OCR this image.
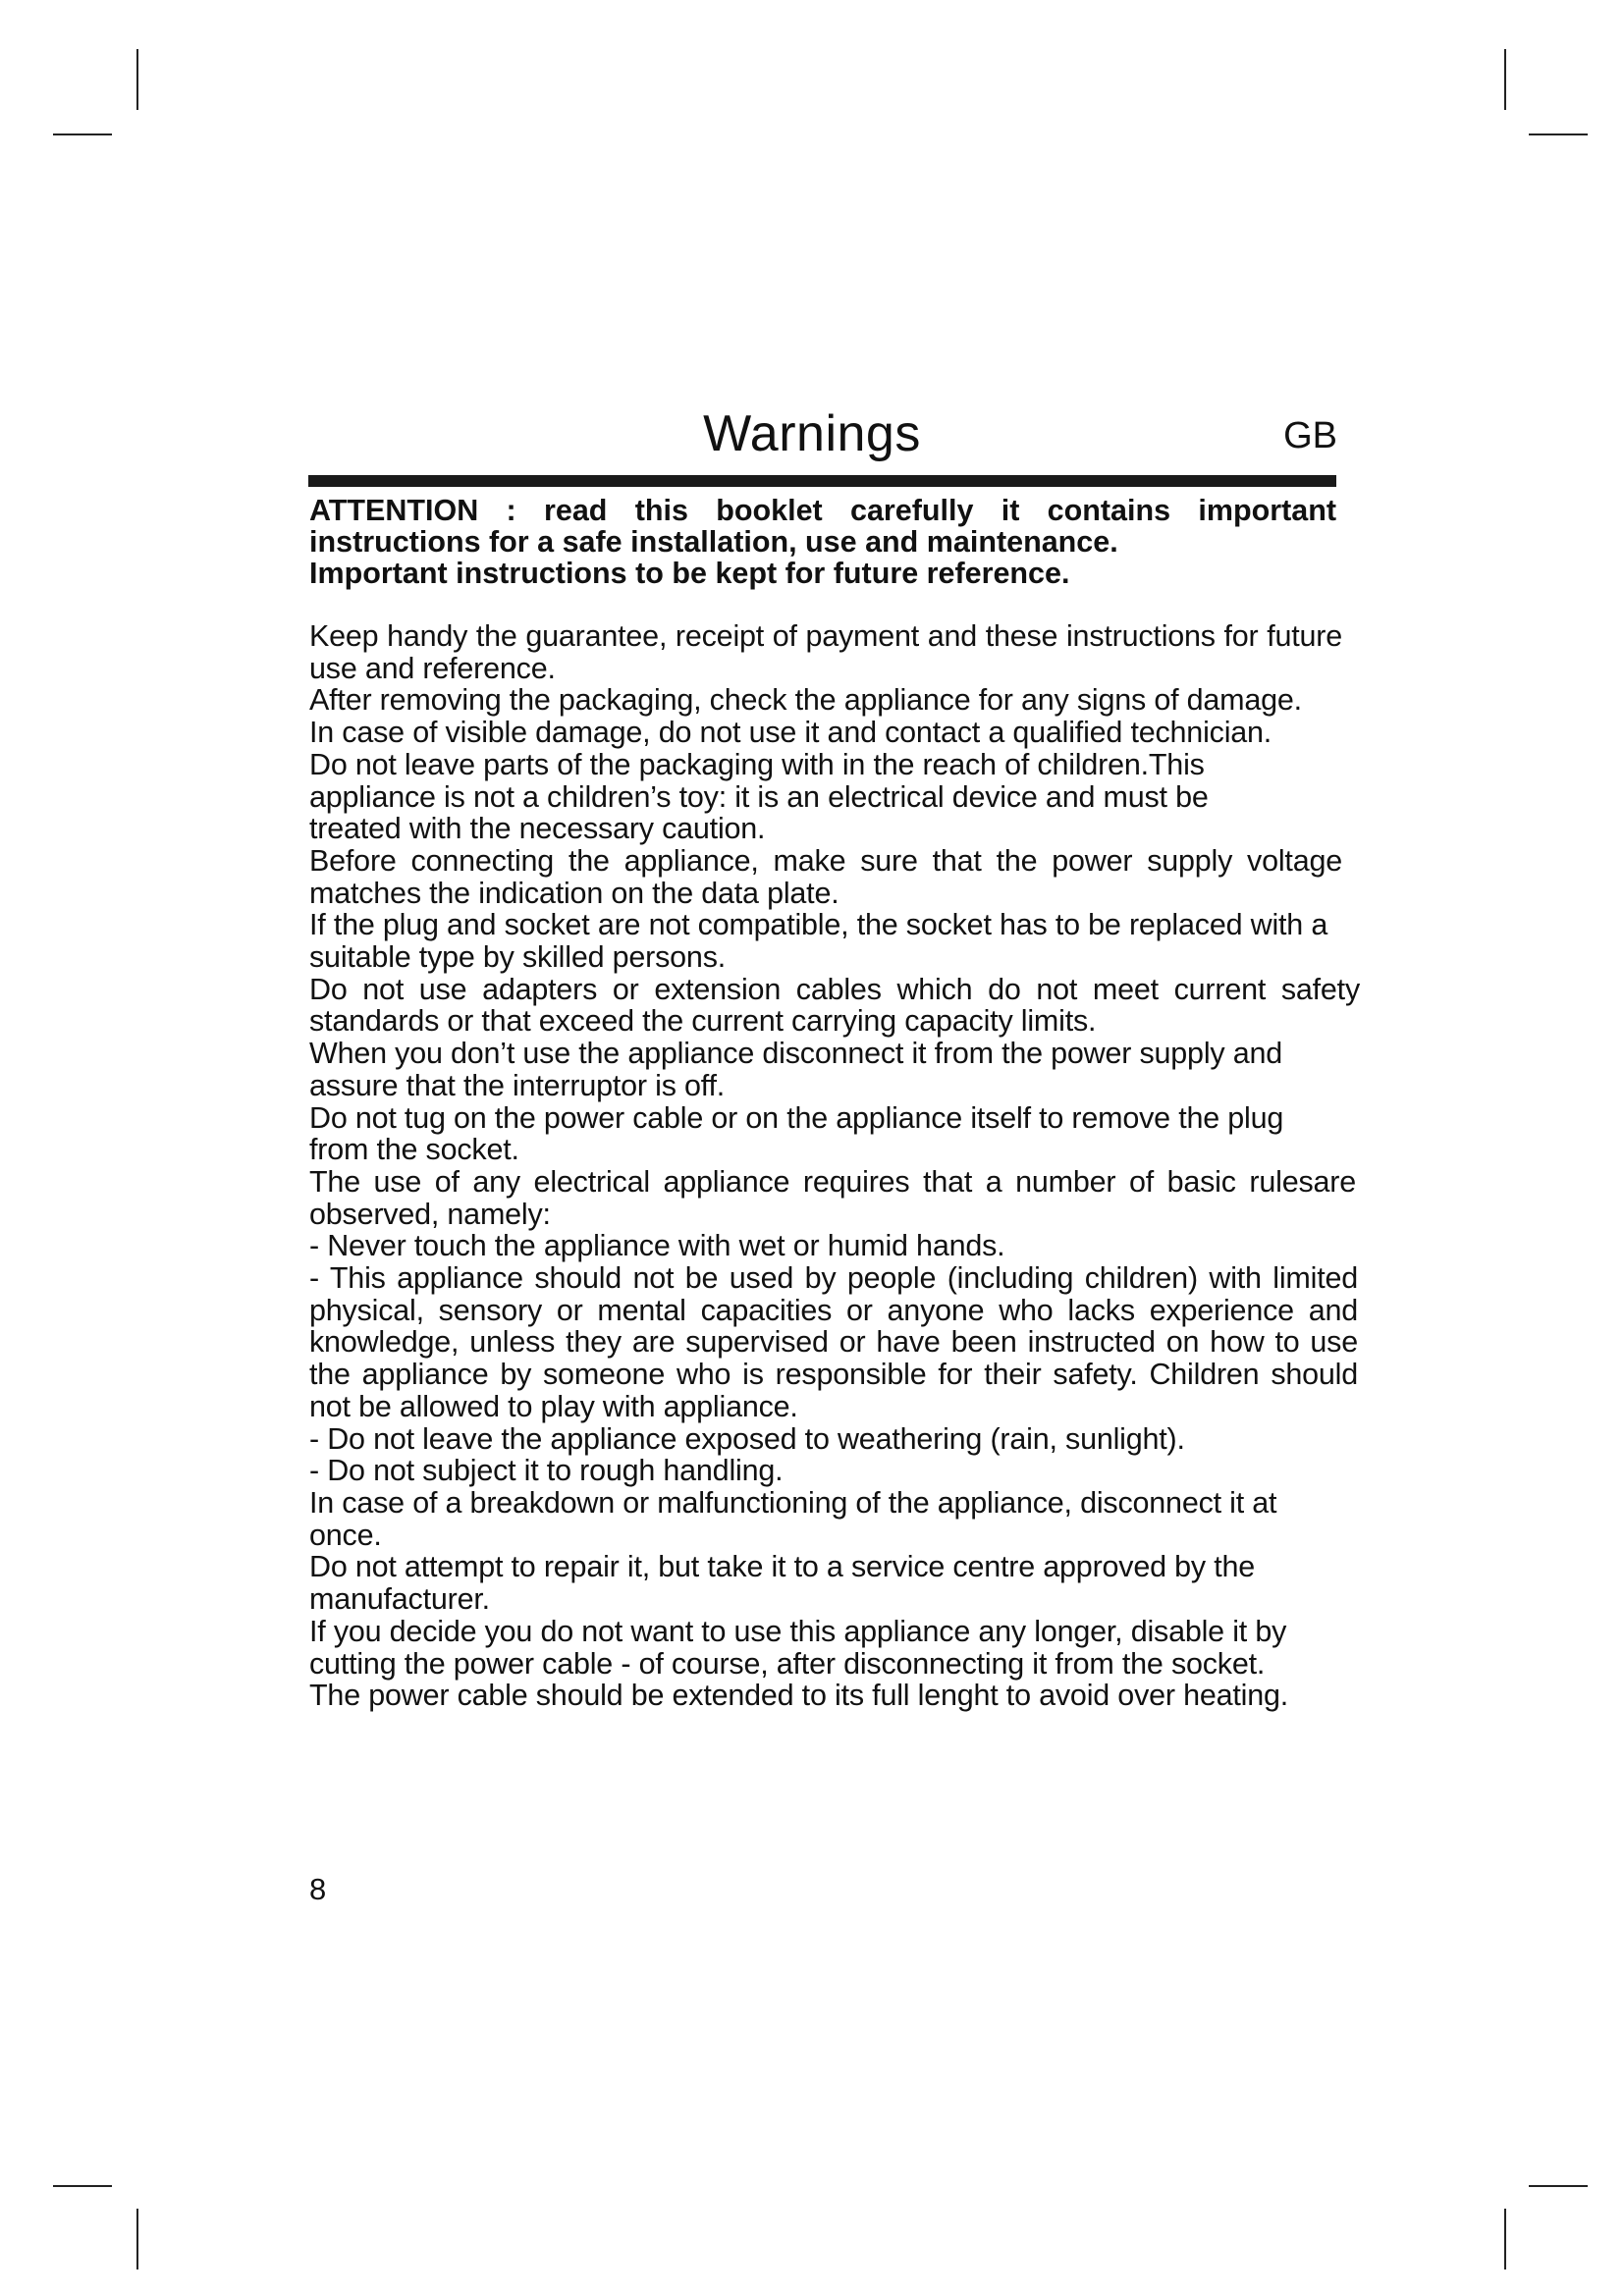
Warnings	GB

ATTENTION : read this booklet carefully it contains important

instructions for a safe installation, use and maintenance.

Important instructions to be kept for future reference.

Keep handy the guarantee, receipt of payment and these instructions for future use and reference.

After removing the packaging, check the appliance for any signs of damage.

In case of visible damage, do not use it and contact a qualified technician.

Do not leave parts of the packaging with in the reach of children.This appliance is not a children’s toy: it is an electrical device and must be treated with the necessary caution.

Before connecting the appliance, make sure that the power supply voltage matches the indication on the data plate.

If the plug and socket are not compatible, the socket has to be replaced with a suitable type by skilled persons.

Do not use adapters or extension cables which do not meet current safety standards or that exceed the current carrying capacity limits.

When you don’t use the appliance disconnect it from the power supply and assure that the interruptor is off.

Do not tug on the power cable or on the appliance itself to remove the plug from the socket.

The use of any electrical appliance requires that a number of basic rulesare observed, namely:

- Never touch the appliance with wet or humid hands.

- This appliance should not be used by people (including children) with limited physical, sensory or mental capacities or anyone who lacks experience and knowledge, unless they are supervised or have been instructed on how to use the appliance by someone who is responsible for their safety. Children should not be allowed to play with appliance.

- Do not leave the appliance exposed to weathering (rain, sunlight).

- Do not subject it to rough handling.

In case of a breakdown or malfunctioning of the appliance, disconnect it at once.

Do not attempt to repair it, but take it to a service centre approved by the manufacturer.

If you decide you do not want to use this appliance any longer, disable it by cutting the power cable - of course, after disconnecting it from the socket.

The power cable should be extended to its full lenght to avoid over heating.

8
